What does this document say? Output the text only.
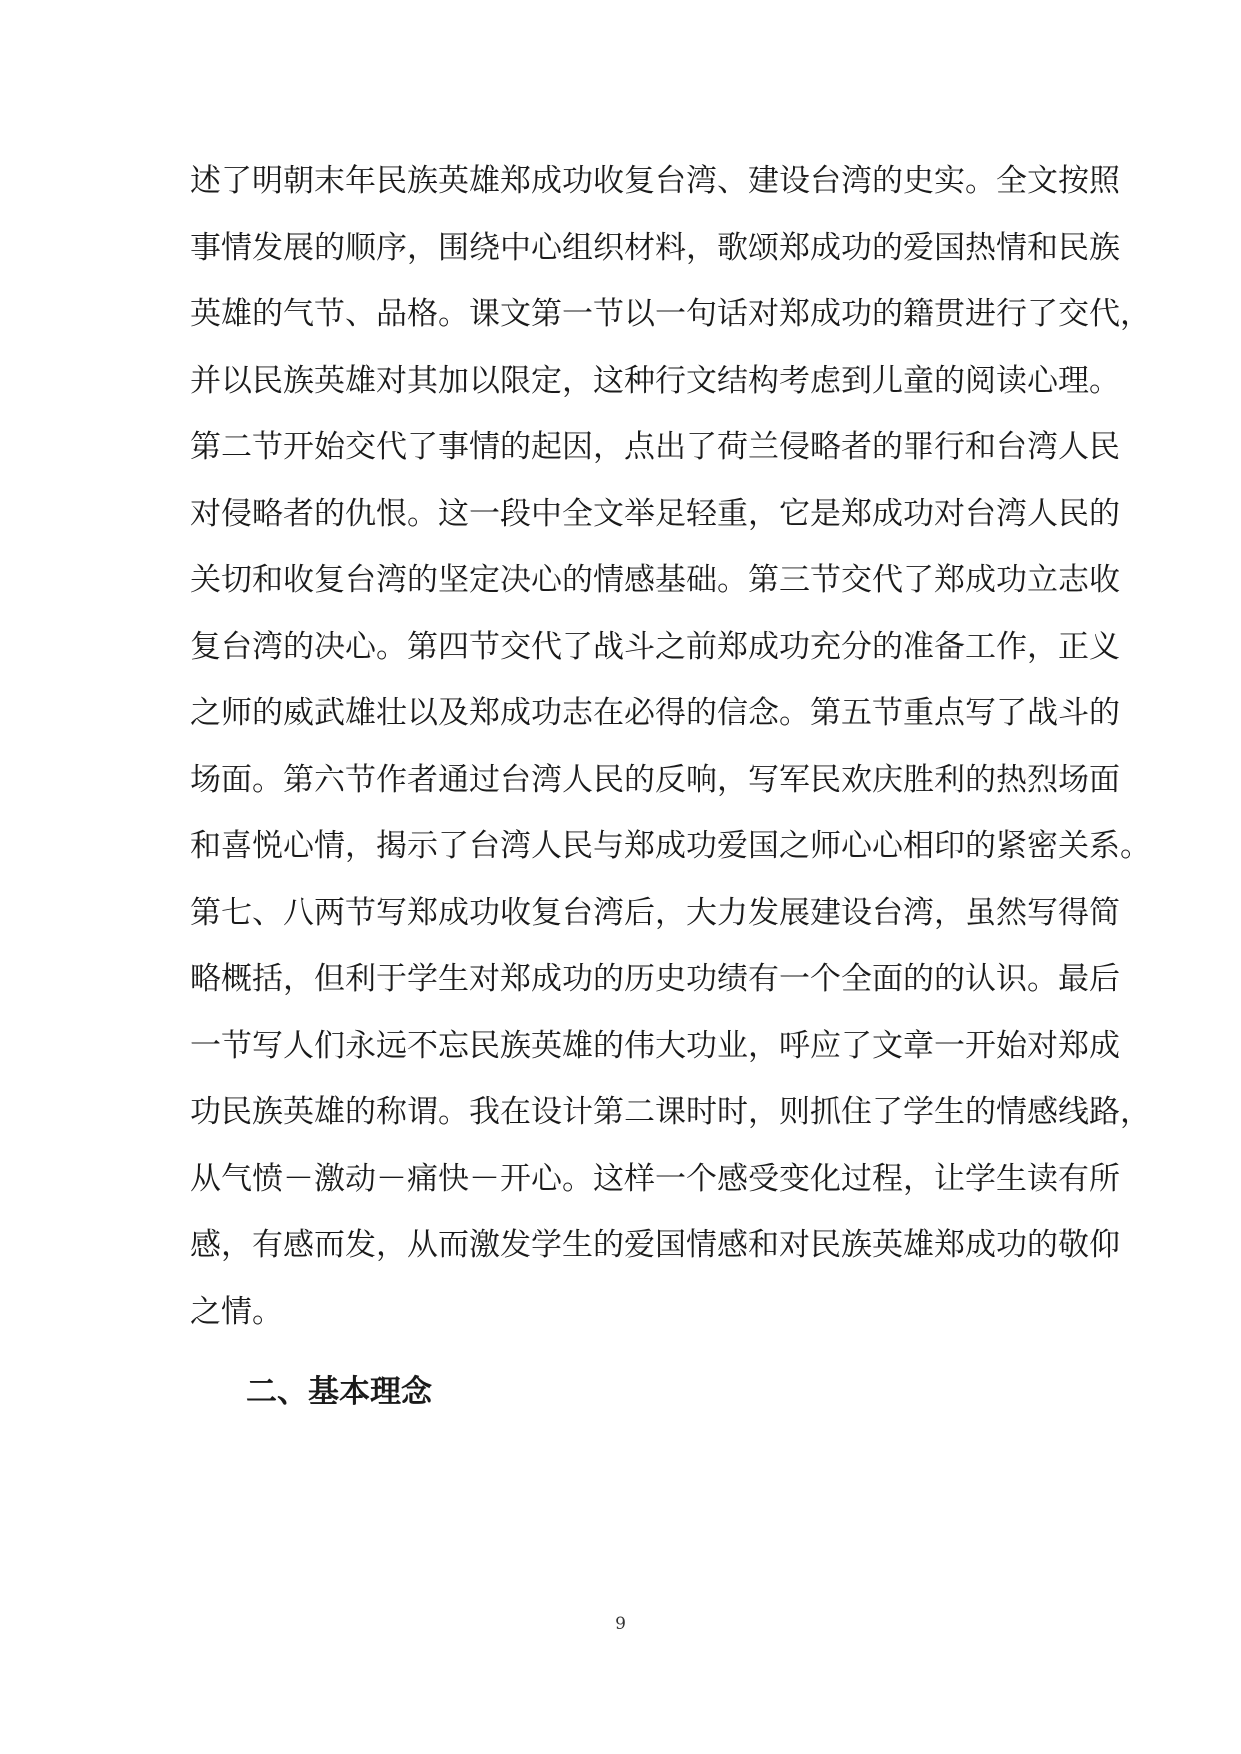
述了明朝末年民族英雄郑成功收复台湾、建设台湾的史实。全文按照
事情发展的顺序，围绕中心组织材料，歌颂郑成功的爱国热情和民族
英雄的气节、品格。课文第一节以一句话对郑成功的籍贯进行了交代，
并以民族英雄对其加以限定，这种行文结构考虑到儿童的阅读心理。
第二节开始交代了事情的起因，点出了荷兰侵略者的罪行和台湾人民
对侵略者的仇恨。这一段中全文举足轻重，它是郑成功对台湾人民的
关切和收复台湾的坚定决心的情感基础。第三节交代了郑成功立志收
复台湾的决心。第四节交代了战斗之前郑成功充分的准备工作，正义
之师的威武雄壮以及郑成功志在必得的信念。第五节重点写了战斗的
场面。第六节作者通过台湾人民的反响，写军民欢庆胜利的热烈场面
和喜悦心情，揭示了台湾人民与郑成功爱国之师心心相印的紧密关系。
第七、八两节写郑成功收复台湾后，大力发展建设台湾，虽然写得简
略概括，但利于学生对郑成功的历史功绩有一个全面的的认识。最后
一节写人们永远不忘民族英雄的伟大功业，呼应了文章一开始对郑成
功民族英雄的称谓。我在设计第二课时时，则抓住了学生的情感线路，
从气愤－激动－痛快－开心。这样一个感受变化过程，让学生读有所
感，有感而发，从而激发学生的爱国情感和对民族英雄郑成功的敬仰
之情。
二、基本理念
9
